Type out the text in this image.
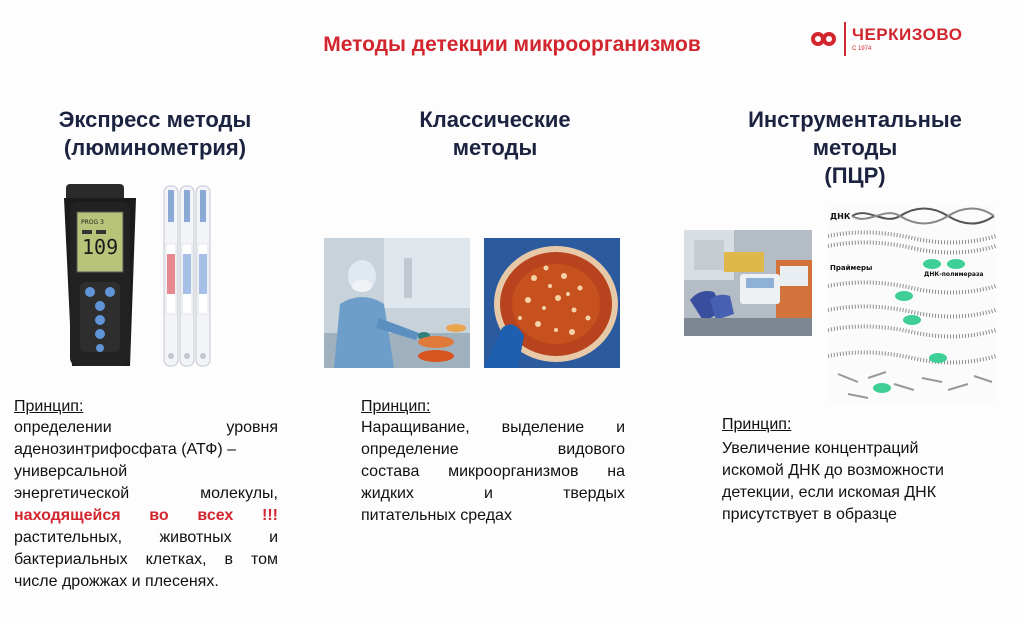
Методы детекции микроорганизмов	ЧЕРКИЗОВО
С 1974
Экспресс методы
(люминометрия)
Классические
методы
Инструментальные
методы
(ПЦР)
PROG 3
109
ДНК
Праймеры
ДНК-полимераза
Принцип:
определении уровня
аденозинтрифосфата (АТФ) –
универсальной
энергетической молекулы,
находящейся во всех !!!
растительных, животных и
бактериальных клетках, в том
числе дрожжах и плесенях.
Принцип:
Наращивание, выделение и
определение видового
состава микроорганизмов на
жидких и твердых
питательных средах
Принцип:
Увеличение концентраций
искомой ДНК до возможности
детекции, если искомая ДНК
присутствует в образце
